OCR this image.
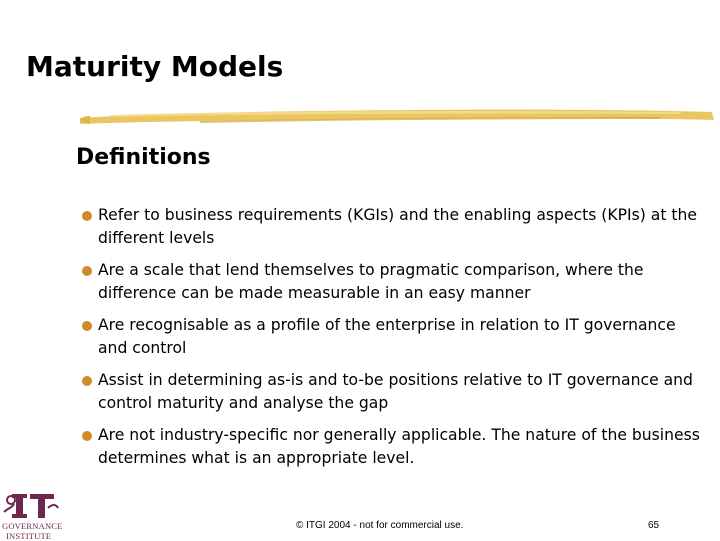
Maturity Models
Definitions
Refer to business requirements (KGIs) and the enabling aspects (KPIs) at the different levels
Are a scale that lend themselves to pragmatic comparison, where the difference can be made measurable in an easy manner
Are recognisable as a profile of the enterprise in relation to IT governance and control
Assist in determining as-is and to-be positions relative to IT governance and control maturity and analyse the gap
Are not industry-specific nor generally applicable. The nature of the business determines what is an appropriate level.
GOVERNANCE
INSTITUTE
© ITGI 2004 - not for commercial use.	65
